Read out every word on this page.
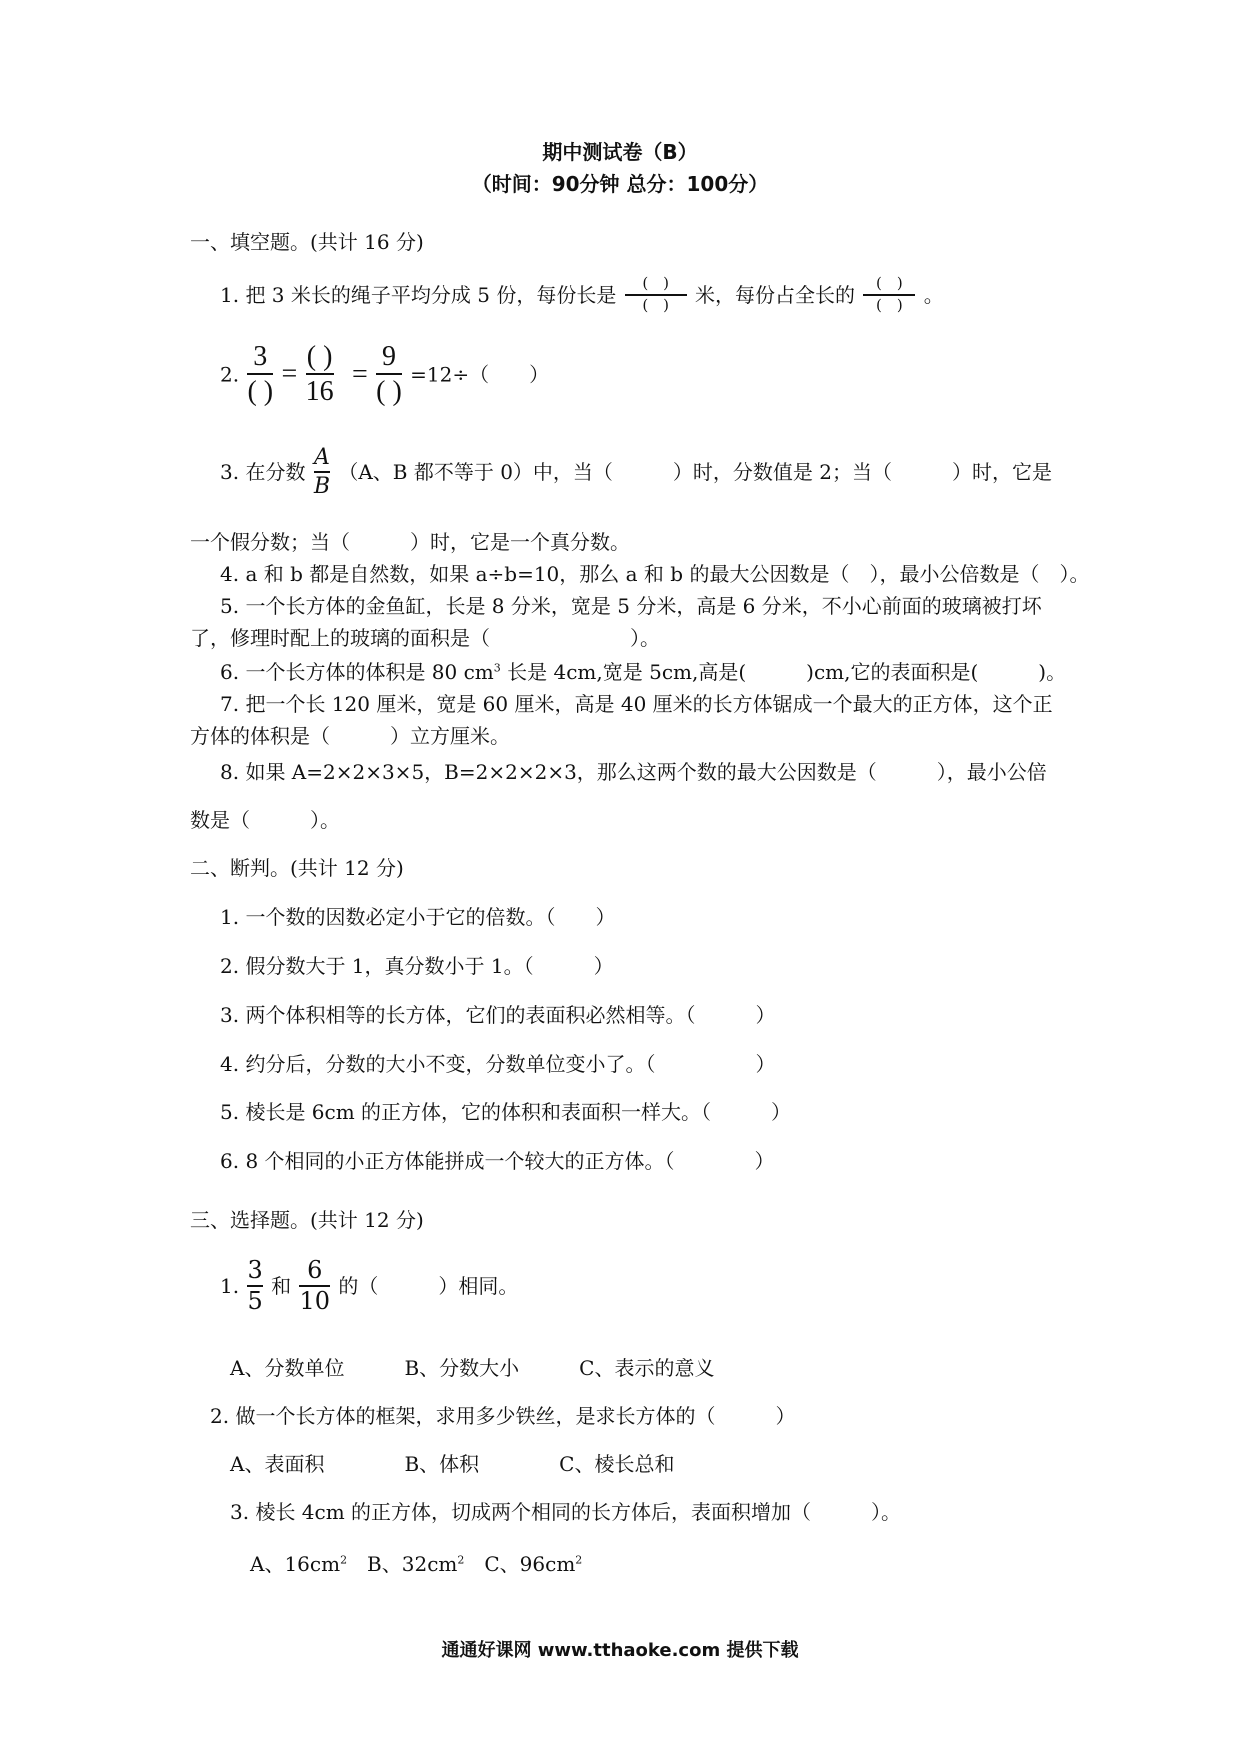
期中测试卷（B）
（时间：90分钟 总分：100分）
一、填空题。(共计 16 分)
1. 把 3 米长的绳子平均分成 5 份，每份长是 $\frac{( )}{( )}$ 米，每份占全长的 $\frac{( )}{( )}$ 。
2. $\frac{3}{( )} = \frac{( )}{16} = \frac{9}{( )} =12\div$（　　）
3. 在分数 $\frac{A}{B} (A$、B 都不等于 0）中，当（　　　）时，分数值是 2；当（　　　）时，它是
一个假分数；当（　　　）时，它是一个真分数。
4. a 和 b 都是自然数，如果 a÷b=10，那么 a 和 b 的最大公因数是（　），最小公倍数是（　）。
5. 一个长方体的金鱼缸，长是 8 分米，宽是 5 分米，高是 6 分米，不小心前面的玻璃被打坏
了，修理时配上的玻璃的面积是（　　　　　　　）。
6. 一个长方体的体积是 80 $cm^3$ 长是 4cm,宽是 5cm,高是(　　　)cm,它的表面积是(　　　)。
7. 把一个长 120 厘米，宽是 60 厘米，高是 40 厘米的长方体锯成一个最大的正方体，这个正
方体的体积是（　　　）立方厘米。
8. 如果 A=2×2×3×5，B=2×2×2×3，那么这两个数的最大公因数是（　　　），最小公倍
数是（　　　）。
二、断判。(共计 12 分)
1. 一个数的因数必定小于它的倍数。（　　）
2. 假分数大于 1，真分数小于 1。（　　　）
3. 两个体积相等的长方体，它们的表面积必然相等。（　　　）
4. 约分后，分数的大小不变，分数单位变小了。（　　　　　）
5. 棱长是 6cm 的正方体，它的体积和表面积一样大。（　　　）
6. 8 个相同的小正方体能拼成一个较大的正方体。（　　　　）
三、选择题。(共计 12 分)
1. $\frac{3}{5}$ 和 $\frac{6}{10}$ 的（　　　）相同。
A、分数单位　　　B、分数大小　　　C、表示的意义
2. 做一个长方体的框架，求用多少铁丝，是求长方体的（　　　）
A、表面积　　　　B、体积　　　　C、棱长总和
3. 棱长 4cm 的正方体，切成两个相同的长方体后，表面积增加（　　　）。
A、$16cm^2$　B、$32cm^2$　C、$96cm^2$
通通好课网 www.tthaoke.com 提供下载
